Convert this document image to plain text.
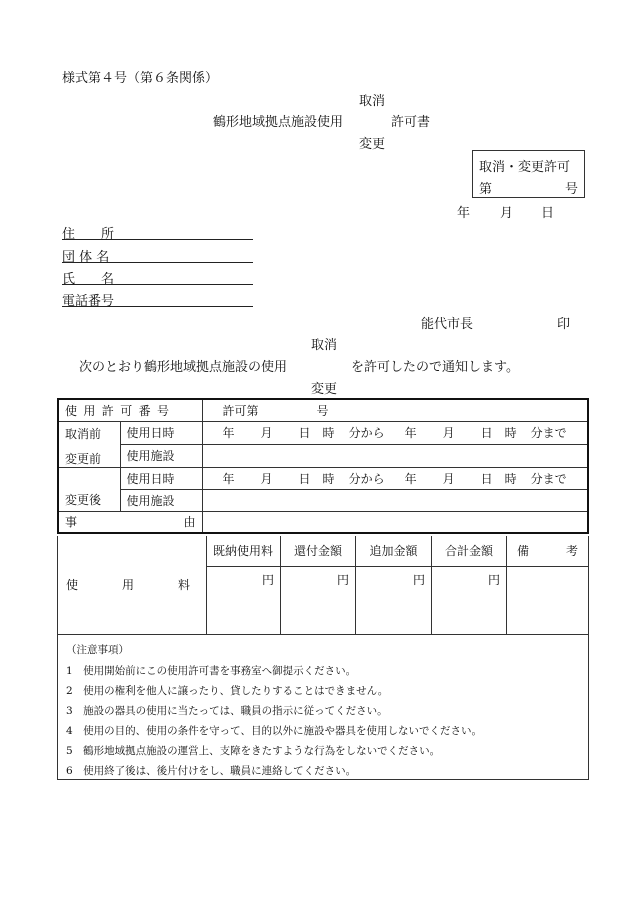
様式第４号（第６条関係）
取消
鶴形地域拠点施設使用	許可書
変更
取消・変更許可
第	号
年 月 日
住　　所
団 体 名
氏　　名
電話番号
能代市長	印
取消
次のとおり鶴形地域拠点施設の使用	を許可したので通知します。
変更
使用許可番号		許可第 号

取消前
変更前	使用日時	年 月 日 時 分から 年 月 日 時 分まで
	使用施設	
変更後	使用日時	年 月 日 時 分から 年 月 日 時 分まで
	使用施設	
事 由		

使 用 料	既納使用料	還付金額	追加金額	合計金額	備 考

	円	円	円	円	
（注意事項）
1　使用開始前にこの使用許可書を事務室へ御提示ください。
2　使用の権利を他人に譲ったり、貸したりすることはできません。
3　施設の器具の使用に当たっては、職員の指示に従ってください。
4　使用の目的、使用の条件を守って、目的以外に施設や器具を使用しないでください。
5　鶴形地域拠点施設の運営上、支障をきたすような行為をしないでください。
6　使用終了後は、後片付けをし、職員に連絡してください。
